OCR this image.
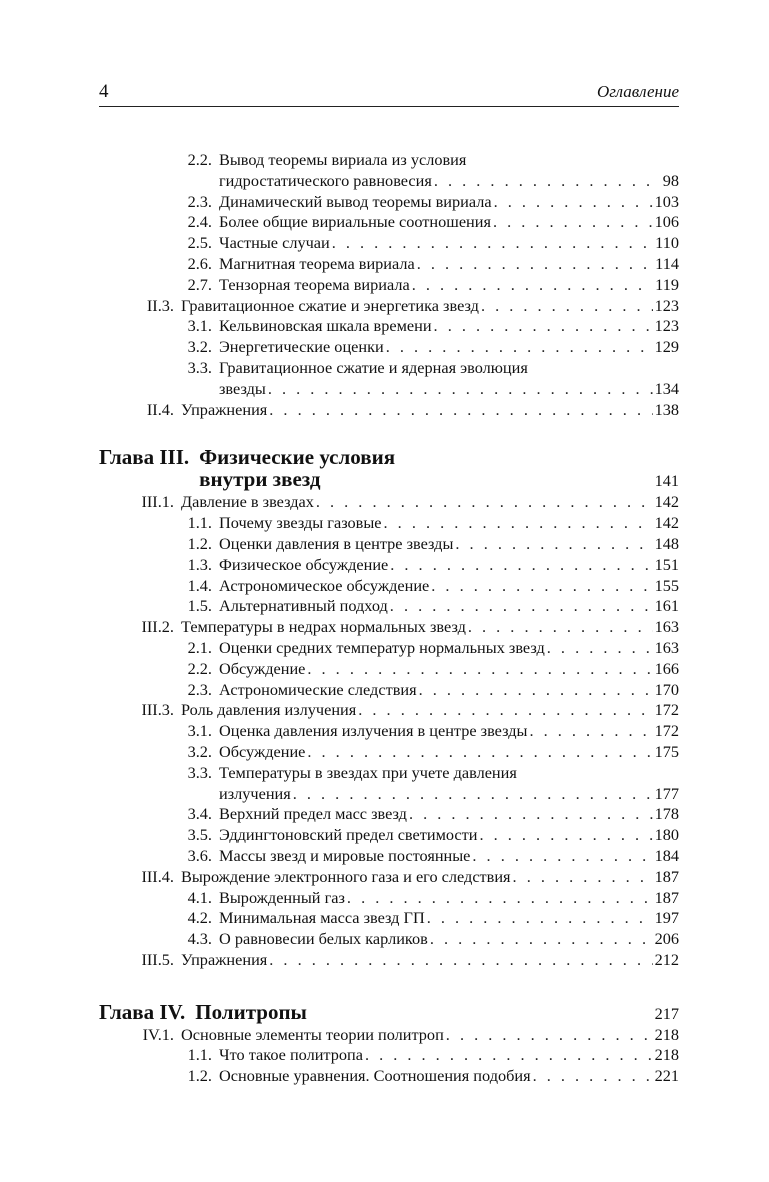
4	Оглавление
2.2. Вывод теоремы вириала из условия
гидростатического равновесия . . .	98
2.3. Динамический вывод теоремы вириала . . .	103
2.4. Более общие вириальные соотношения . . .	106
2.5. Частные случаи . . .	110
2.6. Магнитная теорема вириала . . .	114
2.7. Тензорная теорема вириала . . .	119
II.3. Гравитационное сжатие и энергетика звезд . . .	123
3.1. Кельвиновская шкала времени . . .	123
3.2. Энергетические оценки . . .	129
3.3. Гравитационное сжатие и ядерная эволюция
звезды . . .	134
II.4. Упражнения . . .	138
Глава III. Физические условия
внутри звезд	141
III.1. Давление в звездах . . .	142
1.1. Почему звезды газовые . . .	142
1.2. Оценки давления в центре звезды . . .	148
1.3. Физическое обсуждение . . .	151
1.4. Астрономическое обсуждение . . .	155
1.5. Альтернативный подход . . .	161
III.2. Температуры в недрах нормальных звезд . . .	163
2.1. Оценки средних температур нормальных звезд . . .	163
2.2. Обсуждение . . .	166
2.3. Астрономические следствия . . .	170
III.3. Роль давления излучения . . .	172
3.1. Оценка давления излучения в центре звезды . . .	172
3.2. Обсуждение . . .	175
3.3. Температуры в звездах при учете давления
излучения . . .	177
3.4. Верхний предел масс звезд . . .	178
3.5. Эддингтоновский предел светимости . . .	180
3.6. Массы звезд и мировые постоянные . . .	184
III.4. Вырождение электронного газа и его следствия . . .	187
4.1. Вырожденный газ . . .	187
4.2. Минимальная масса звезд ГП . . .	197
4.3. О равновесии белых карликов . . .	206
III.5. Упражнения . . .	212
Глава IV. Политропы	217
IV.1. Основные элементы теории политроп . . .	218
1.1. Что такое политропа . . .	218
1.2. Основные уравнения. Соотношения подобия . . .	221
